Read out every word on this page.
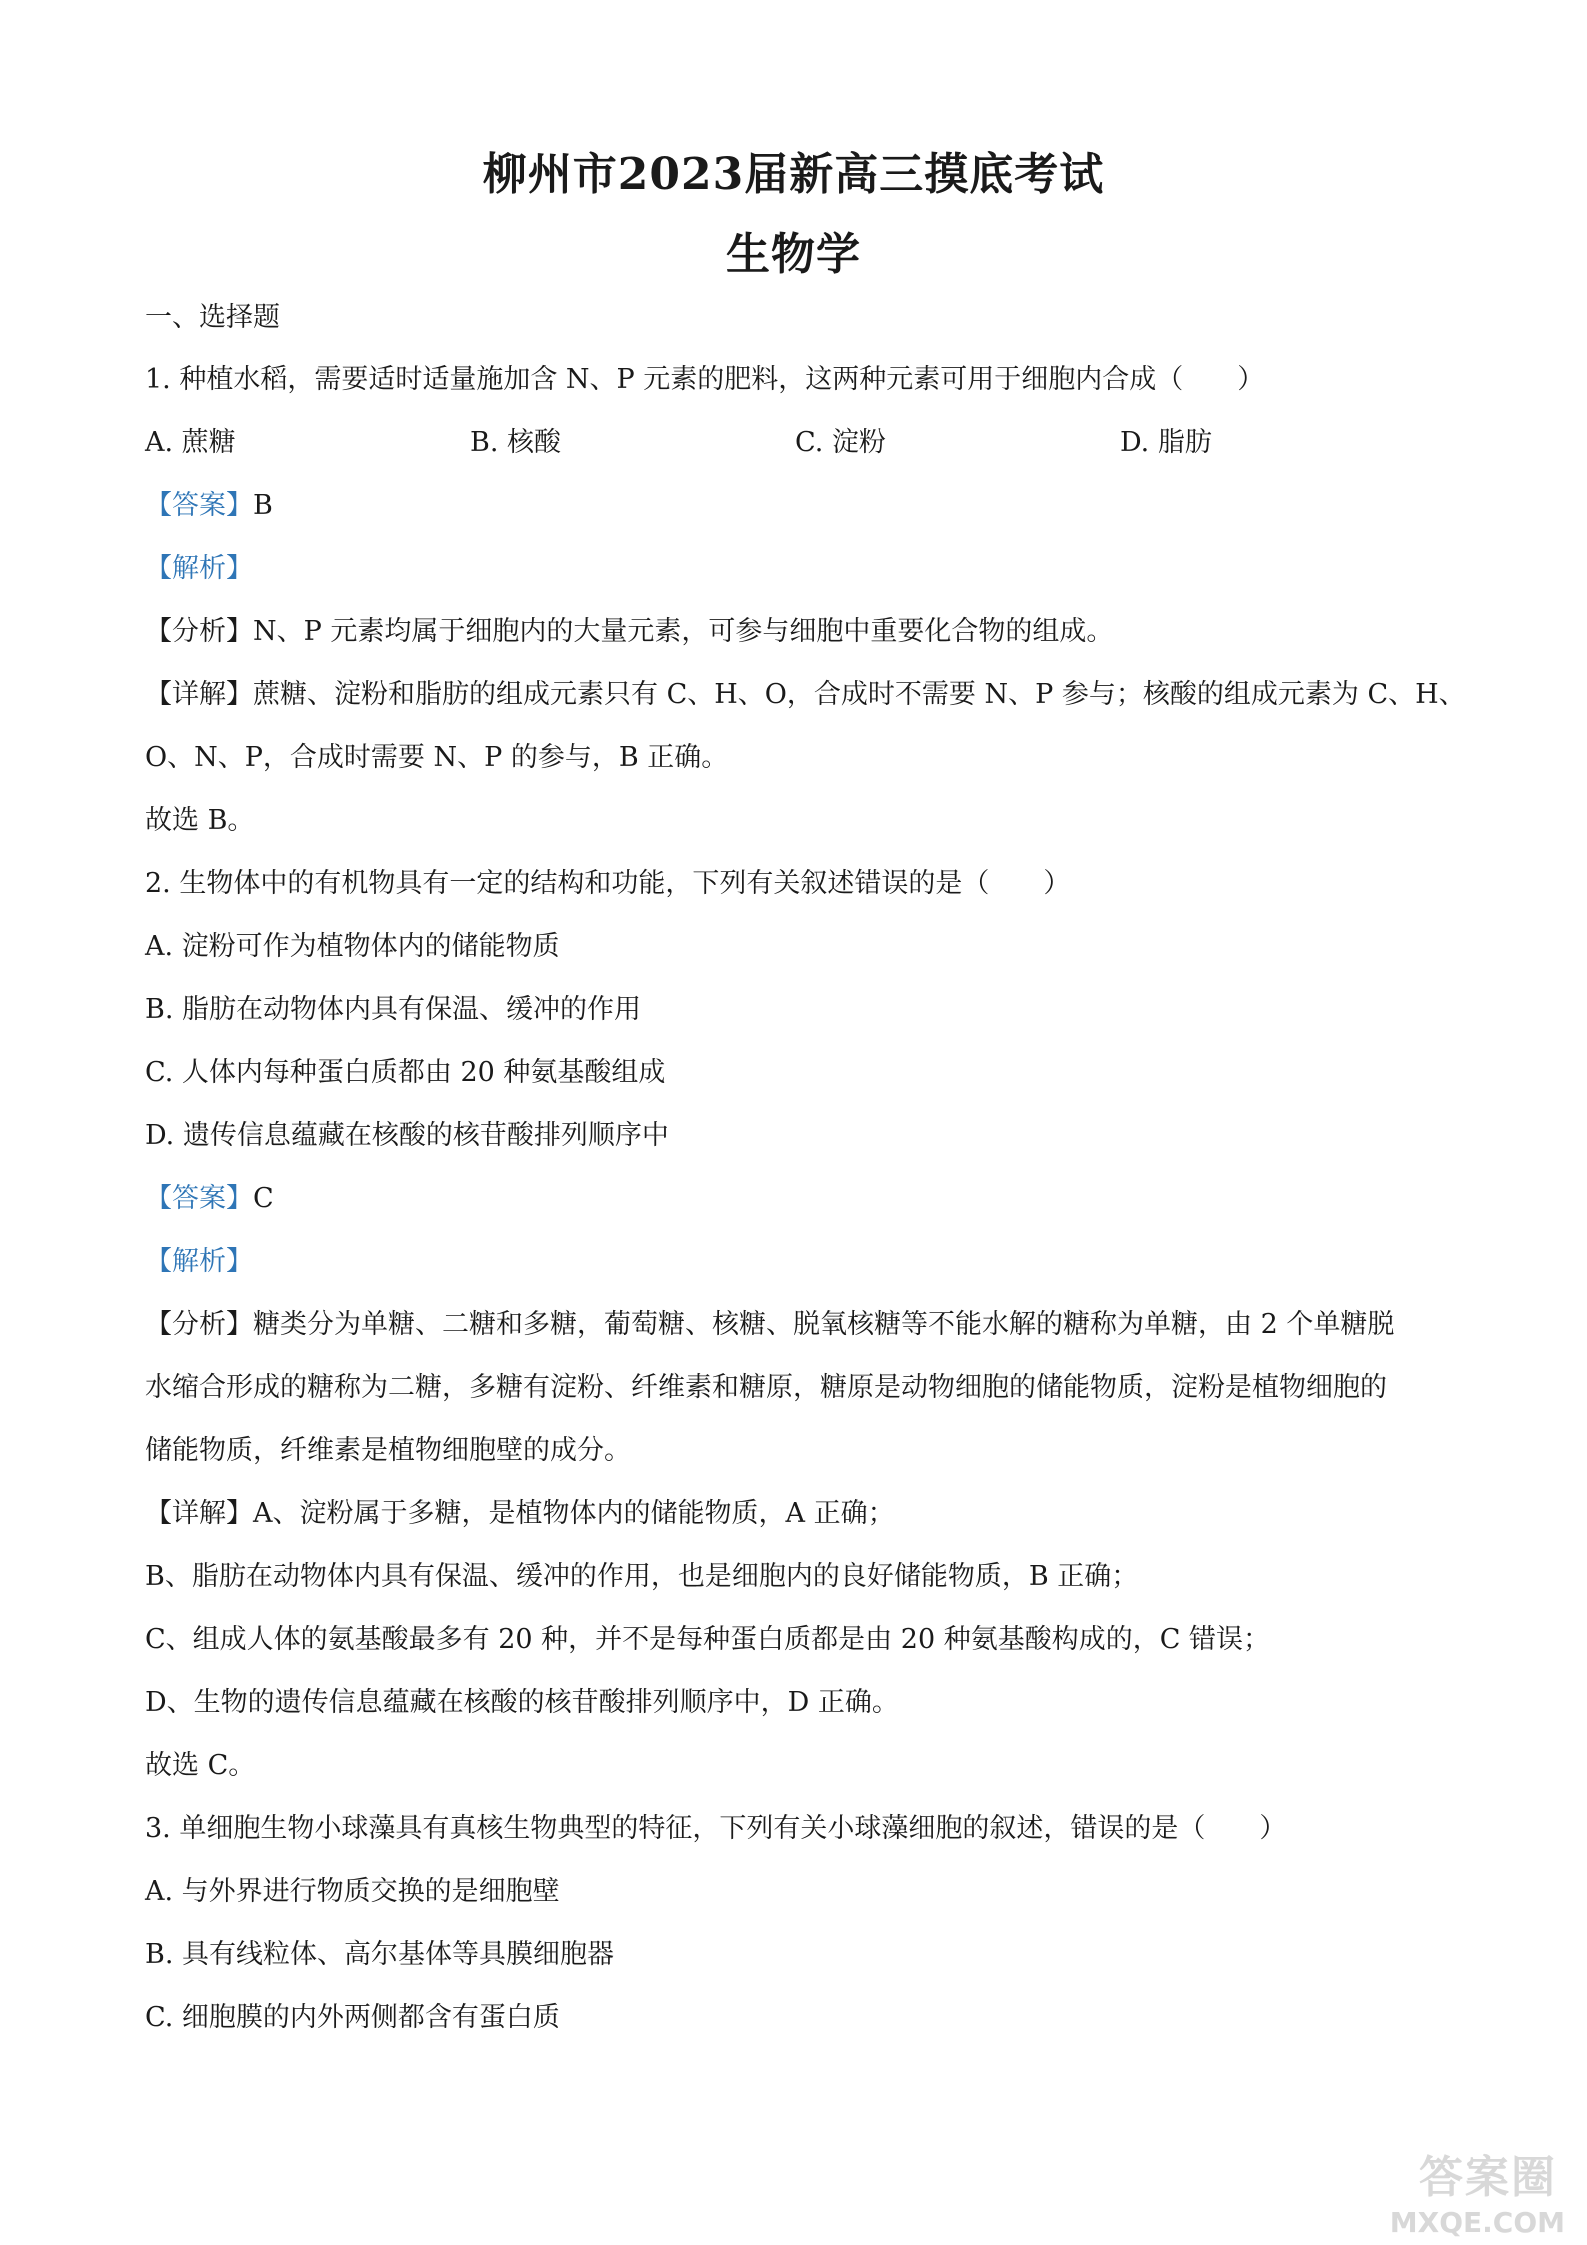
柳州市2023届新高三摸底考试
生物学
一、选择题
1. 种植水稻，需要适时适量施加含 N、P 元素的肥料，这两种元素可用于细胞内合成（　　）
A. 蔗糖	B. 核酸	C. 淀粉	D. 脂肪
【答案】B
【解析】
【分析】N、P 元素均属于细胞内的大量元素，可参与细胞中重要化合物的组成。
【详解】蔗糖、淀粉和脂肪的组成元素只有 C、H、O，合成时不需要 N、P 参与；核酸的组成元素为 C、H、
O、N、P，合成时需要 N、P 的参与，B 正确。
故选 B。
2. 生物体中的有机物具有一定的结构和功能，下列有关叙述错误的是（　　）
A. 淀粉可作为植物体内的储能物质
B. 脂肪在动物体内具有保温、缓冲的作用
C. 人体内每种蛋白质都由 20 种氨基酸组成
D. 遗传信息蕴藏在核酸的核苷酸排列顺序中
【答案】C
【解析】
【分析】糖类分为单糖、二糖和多糖，葡萄糖、核糖、脱氧核糖等不能水解的糖称为单糖，由 2 个单糖脱
水缩合形成的糖称为二糖，多糖有淀粉、纤维素和糖原，糖原是动物细胞的储能物质，淀粉是植物细胞的
储能物质，纤维素是植物细胞壁的成分。
【详解】A、淀粉属于多糖，是植物体内的储能物质，A 正确；
B、脂肪在动物体内具有保温、缓冲的作用，也是细胞内的良好储能物质，B 正确；
C、组成人体的氨基酸最多有 20 种，并不是每种蛋白质都是由 20 种氨基酸构成的，C 错误；
D、生物的遗传信息蕴藏在核酸的核苷酸排列顺序中，D 正确。
故选 C。
3. 单细胞生物小球藻具有真核生物典型的特征，下列有关小球藻细胞的叙述，错误的是（　　）
A. 与外界进行物质交换的是细胞壁
B. 具有线粒体、高尔基体等具膜细胞器
C. 细胞膜的内外两侧都含有蛋白质
答案圈
MXQE.COM
